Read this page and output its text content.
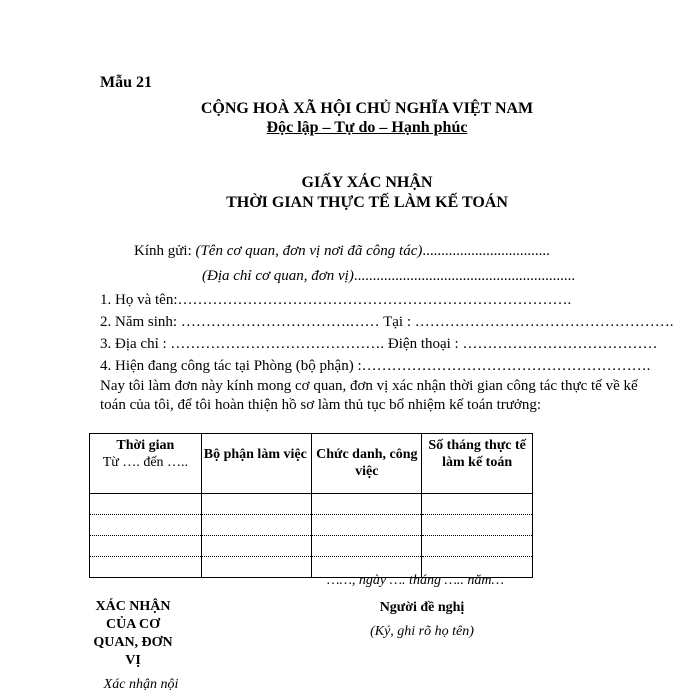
Mẫu 21
CỘNG HOÀ XÃ HỘI CHỦ NGHĨA VIỆT NAM
Độc lập – Tự do – Hạnh phúc
GIẤY XÁC NHẬN
THỜI GIAN THỰC TẾ LÀM KẾ TOÁN
Kính gửi: (Tên cơ quan, đơn vị nơi đã công tác)..................................
(Địa chỉ cơ quan, đơn vị)...........................................................
1. Họ và tên:…………………………………………………………………….
2. Năm sinh: …………………………….…… Tại : …………………………………………….
3. Địa chỉ : ……………………………………. Điện thoại : …………………………………
4. Hiện đang công tác tại Phòng (bộ phận) :………………………………………………….
Nay tôi làm đơn này kính mong cơ quan, đơn vị xác nhận thời gian công tác thực tế về kế toán của tôi, để tôi hoàn thiện hồ sơ làm thủ tục bổ nhiệm kế toán trưởng:
Thời gian
Từ …. đến …..	Bộ phận làm việc	Chức danh, công việc	Số tháng thực tế làm kế toán

……, ngày …. tháng ….. năm…
Người đề nghị
(Ký, ghi rõ họ tên)
XÁC NHẬN CỦA CƠ QUAN, ĐƠN VỊ
Xác nhận nội
